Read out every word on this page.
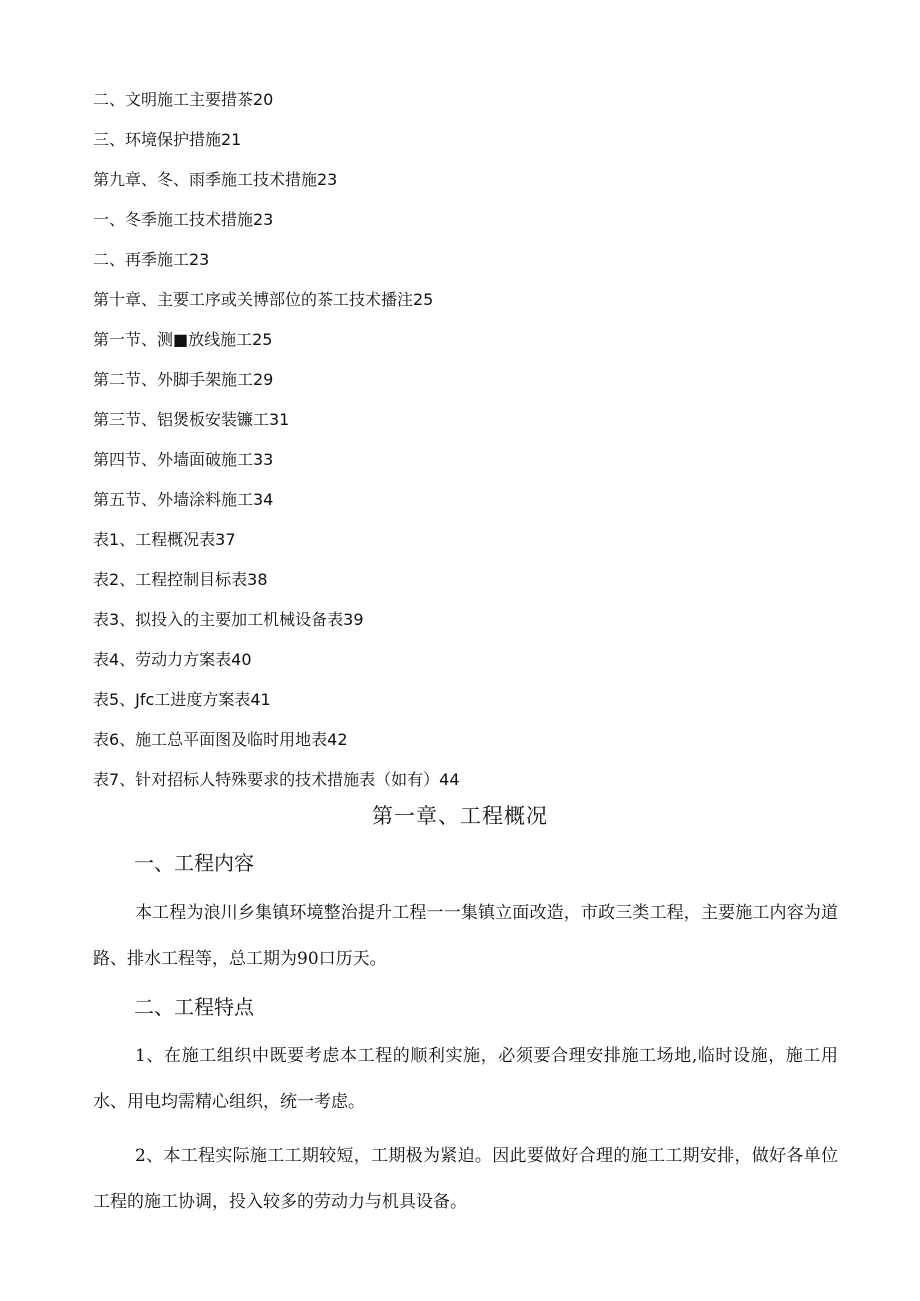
二、文明施工主要措茶20
三、环境保护措施21
第九章、冬、雨季施工技术措施23
一、冬季施工技术措施23
二、再季施工23
第十章、主要工序或关博部位的茶工技术播注25
第一节、测■放线施工25
第二节、外脚手架施工29
第三节、铝煲板安装镰工31
第四节、外墙面破施工33
第五节、外墙涂料施工34
表1、工程概况表37
表2、工程控制目标表38
表3、拟投入的主要加工机械设备表39
表4、劳动力方案表40
表5、Jfc工进度方案表41
表6、施工总平面图及临时用地表42
表7、针对招标人特殊要求的技术措施表（如有）44
第一章、工程概况
一、工程内容

本工程为浪川乡集镇环境整治提升工程一一集镇立面改造，市政三类工程，主要施工内容为道路、排水工程等，总工期为90口历天。

二、工程特点

1、在施工组织中既要考虑本工程的顺利实施，必须要合理安排施工场地,临时设施，施工用水、用电均需精心组织，统一考虑。

2、本工程实际施工工期较短，工期极为紧迫。因此要做好合理的施工工期安排，做好各单位工程的施工协调，投入较多的劳动力与机具设备。
